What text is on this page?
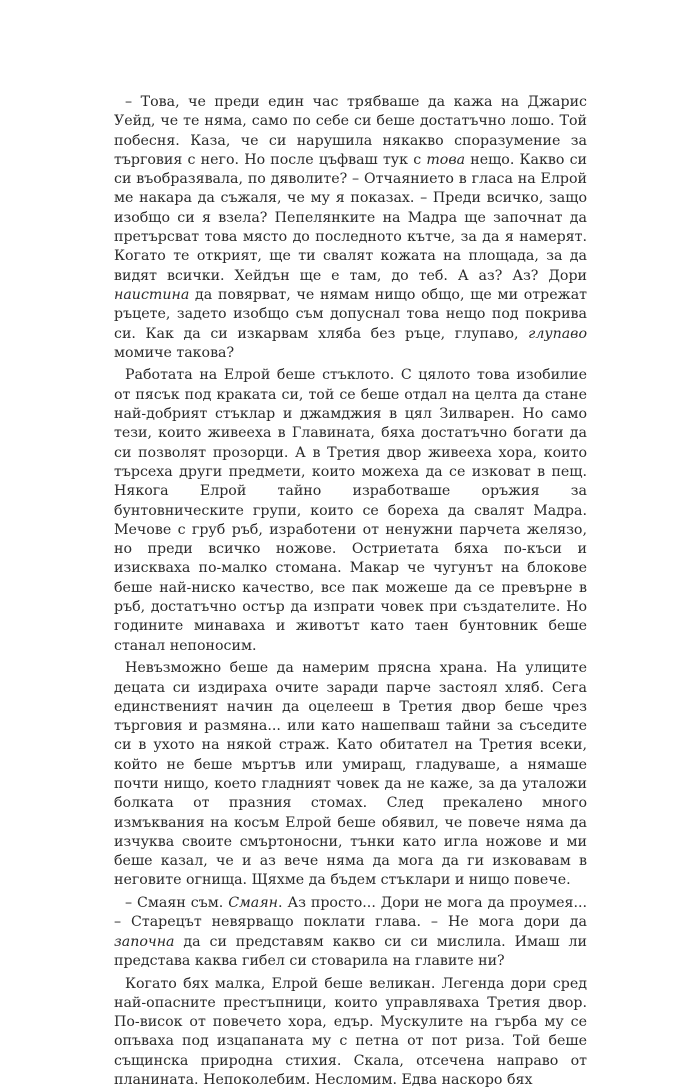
– Това, че преди един час трябваше да кажа на Джарис Уейд, че те няма, само по себе си беше достатъчно лошо. Той побесня. Каза, че си нарушила някакво споразумение за търговия с него. Но после цъфваш тук с това нещо. Какво си си въобразявала, по дяволите? – Отчаянието в гласа на Елрой ме накара да съжаля, че му я показах. – Преди всичко, защо изобщо си я взела? Пепелянките на Мадра ще започнат да претърсват това място до последното кътче, за да я намерят. Когато те открият, ще ти свалят кожата на площада, за да видят всички. Хейдън ще е там, до теб. А аз? Аз? Дори наистина да повярват, че нямам нищо общо, ще ми отрежат ръцете, задето изобщо съм допуснал това нещо под покрива си. Как да си изкарвам хляба без ръце, глупаво, глупаво момиче такова?

Работата на Елрой беше стъклото. С цялото това изобилие от пясък под краката си, той се беше отдал на целта да стане най-добрият стъклар и джамджия в цял Зилварен. Но само тези, които живееха в Главината, бяха достатъчно богати да си позволят прозорци. А в Третия двор живееха хора, които търсеха други предмети, които можеха да се изковат в пещ. Някога Елрой тайно изработваше оръжия за бунтовническите групи, които се бореха да свалят Мадра. Мечове с груб ръб, изработени от ненужни парчета желязо, но преди всичко ножове. Остриетата бяха по-къси и изискваха по-малко стомана. Макар че чугунът на блокове беше най-ниско качество, все пак можеше да се превърне в ръб, достатъчно остър да изпрати човек при създателите. Но годините минаваха и животът като таен бунтовник беше станал непоносим.

Невъзможно беше да намерим прясна храна. На улиците децата си издираха очите заради парче застоял хляб. Сега единственият начин да оцелееш в Третия двор беше чрез търговия и размяна... или като нашепваш тайни за съседите си в ухото на някой страж. Като обитател на Третия всеки, който не беше мъртъв или умиращ, гладуваше, а нямаше почти нищо, което гладният човек да не каже, за да уталожи болката от празния стомах. След прекалено много измъквания на косъм Елрой беше обявил, че повече няма да изчуква своите смъртоносни, тънки като игла ножове и ми беше казал, че и аз вече няма да мога да ги изковавам в неговите огнища. Щяхме да бъдем стъклари и нищо повече.

– Смаян съм. Смаян. Аз просто... Дори не мога да проумея... – Старецът невярващо поклати глава. – Не мога дори да започна да си представям какво си си мислила. Имаш ли представа каква гибел си стоварила на главите ни?

Когато бях малка, Елрой беше великан. Легенда дори сред най-опасните престъпници, които управляваха Третия двор. По-висок от повечето хора, едър. Мускулите на гърба му се опъваха под изцапаната му с петна от пот риза. Той беше същинска природна стихия. Скала, отсечена направо от планината. Непоколебим. Несломим. Едва наскоро бях
